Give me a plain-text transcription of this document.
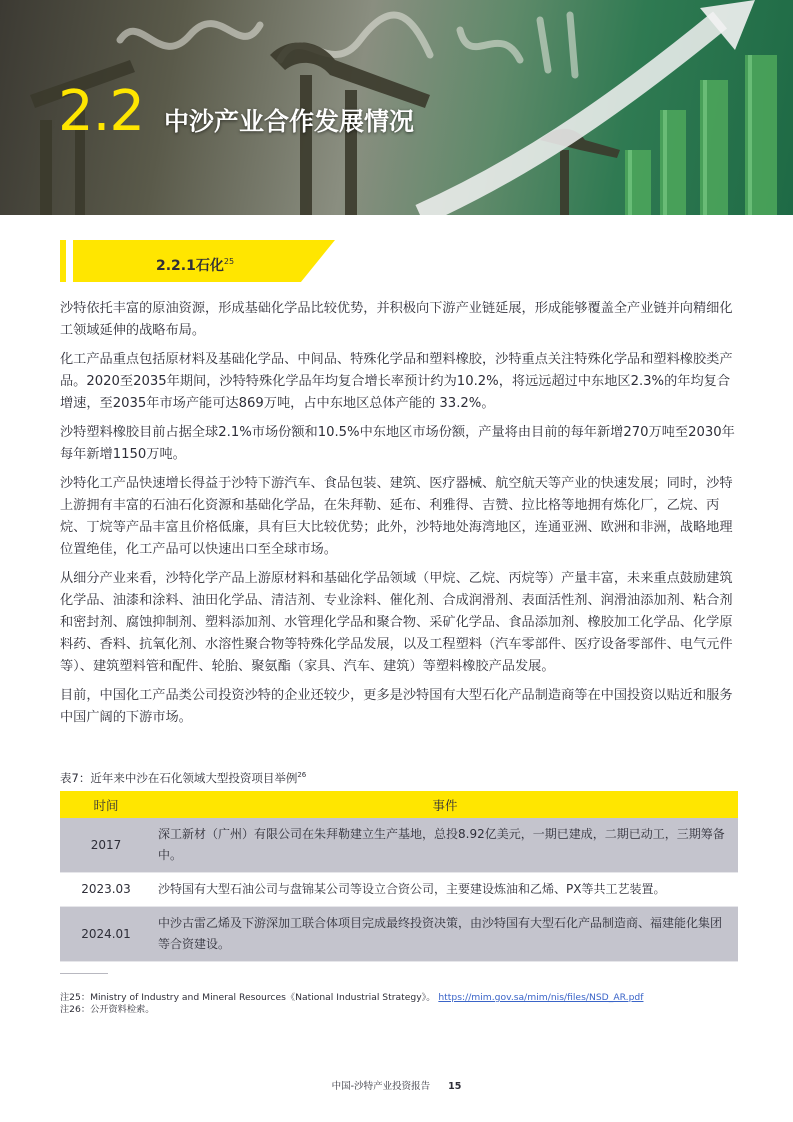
2.2 中沙产业合作发展情况
2.2.1石化$^{25}$

沙特依托丰富的原油资源，形成基础化学品比较优势，并积极向下游产业链延展，形成能够覆盖全产业链并向精细化工领域延伸的战略布局。

化工产品重点包括原材料及基础化学品、中间品、特殊化学品和塑料橡胶，沙特重点关注特殊化学品和塑料橡胶类产品。2020至2035年期间，沙特特殊化学品年均复合增长率预计约为10.2%，将远远超过中东地区2.3%的年均复合增速，至2035年市场产能可达869万吨，占中东地区总体产能的 33.2%。

沙特塑料橡胶目前占据全球2.1%市场份额和10.5%中东地区市场份额，产量将由目前的每年新增270万吨至2030年每年新增1150万吨。

沙特化工产品快速增长得益于沙特下游汽车、食品包装、建筑、医疗器械、航空航天等产业的快速发展；同时，沙特上游拥有丰富的石油石化资源和基础化学品，在朱拜勒、延布、利雅得、吉赞、拉比格等地拥有炼化厂，乙烷、丙烷、丁烷等产品丰富且价格低廉，具有巨大比较优势；此外，沙特地处海湾地区，连通亚洲、欧洲和非洲，战略地理位置绝佳，化工产品可以快速出口至全球市场。

从细分产业来看，沙特化学产品上游原材料和基础化学品领域（甲烷、乙烷、丙烷等）产量丰富，未来重点鼓励建筑化学品、油漆和涂料、油田化学品、清洁剂、专业涂料、催化剂、合成润滑剂、表面活性剂、润滑油添加剂、粘合剂和密封剂、腐蚀抑制剂、塑料添加剂、水管理化学品和聚合物、采矿化学品、食品添加剂、橡胶加工化学品、化学原料药、香料、抗氧化剂、水溶性聚合物等特殊化学品发展，以及工程塑料（汽车零部件、医疗设备零部件、电气元件等）、建筑塑料管和配件、轮胎、聚氨酯（家具、汽车、建筑）等塑料橡胶产品发展。

目前，中国化工产品类公司投资沙特的企业还较少，更多是沙特国有大型石化产品制造商等在中国投资以贴近和服务中国广阔的下游市场。

表7：近年来中沙在石化领域大型投资项目举例$^{26}$
时间	事件
2017	深工新材（广州）有限公司在朱拜勒建立生产基地，总投8.92亿美元，一期已建成，二期已动工，三期筹备中。
2023.03	沙特国有大型石油公司与盘锦某公司等设立合资公司，主要建设炼油和乙烯、PX等共工艺装置。
2024.01	中沙古雷乙烯及下游深加工联合体项目完成最终投资决策，由沙特国有大型石化产品制造商、福建能化集团等合资建设。
注25：Ministry of Industry and Mineral Resources《National Industrial Strategy》。 https://mim.gov.sa/mim/nis/files/NSD_AR.pdf
注26：公开资料检索。
中国-沙特产业投资报告 15
